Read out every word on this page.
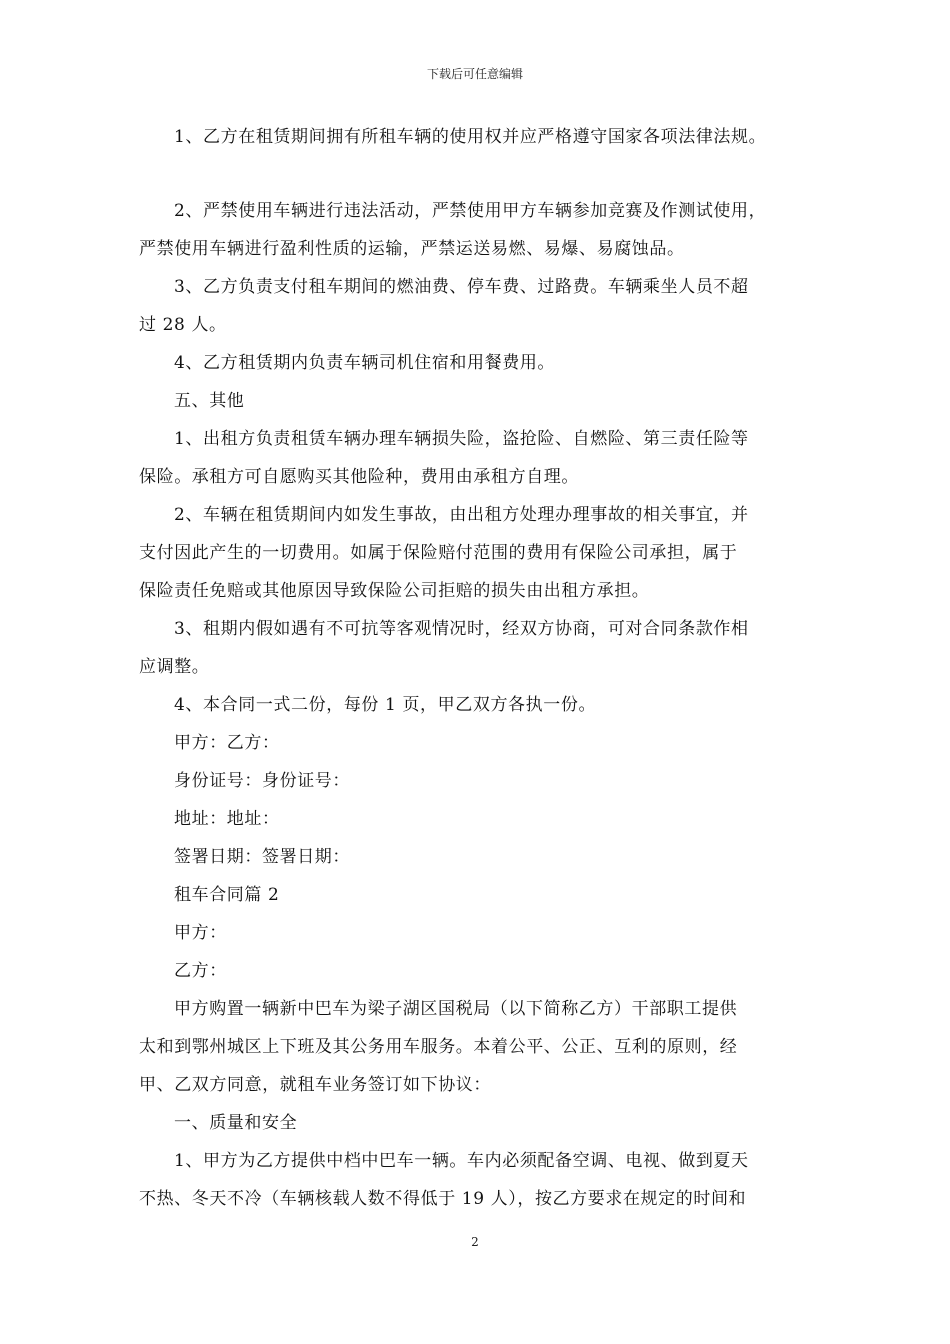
下载后可任意编辑

1、乙方在租赁期间拥有所租车辆的使用权并应严格遵守国家各项法律法规。

2、严禁使用车辆进行违法活动，严禁使用甲方车辆参加竞赛及作测试使用，
严禁使用车辆进行盈利性质的运输，严禁运送易燃、易爆、易腐蚀品。

3、乙方负责支付租车期间的燃油费、停车费、过路费。车辆乘坐人员不超
过 28 人。

4、乙方租赁期内负责车辆司机住宿和用餐费用。

五、其他

1、出租方负责租赁车辆办理车辆损失险，盗抢险、自燃险、第三责任险等
保险。承租方可自愿购买其他险种，费用由承租方自理。

2、车辆在租赁期间内如发生事故，由出租方处理办理事故的相关事宜，并
支付因此产生的一切费用。如属于保险赔付范围的费用有保险公司承担，属于
保险责任免赔或其他原因导致保险公司拒赔的损失由出租方承担。

3、租期内假如遇有不可抗等客观情况时，经双方协商，可对合同条款作相
应调整。

4、本合同一式二份，每份 1 页，甲乙双方各执一份。

甲方：乙方：

身份证号：身份证号：

地址：地址：

签署日期：签署日期：

租车合同篇 2

甲方：

乙方：

甲方购置一辆新中巴车为梁子湖区国税局（以下简称乙方）干部职工提供
太和到鄂州城区上下班及其公务用车服务。本着公平、公正、互利的原则，经
甲、乙双方同意，就租车业务签订如下协议：

一、质量和安全

1、甲方为乙方提供中档中巴车一辆。车内必须配备空调、电视、做到夏天
不热、冬天不冷（车辆核载人数不得低于 19 人），按乙方要求在规定的时间和

2
